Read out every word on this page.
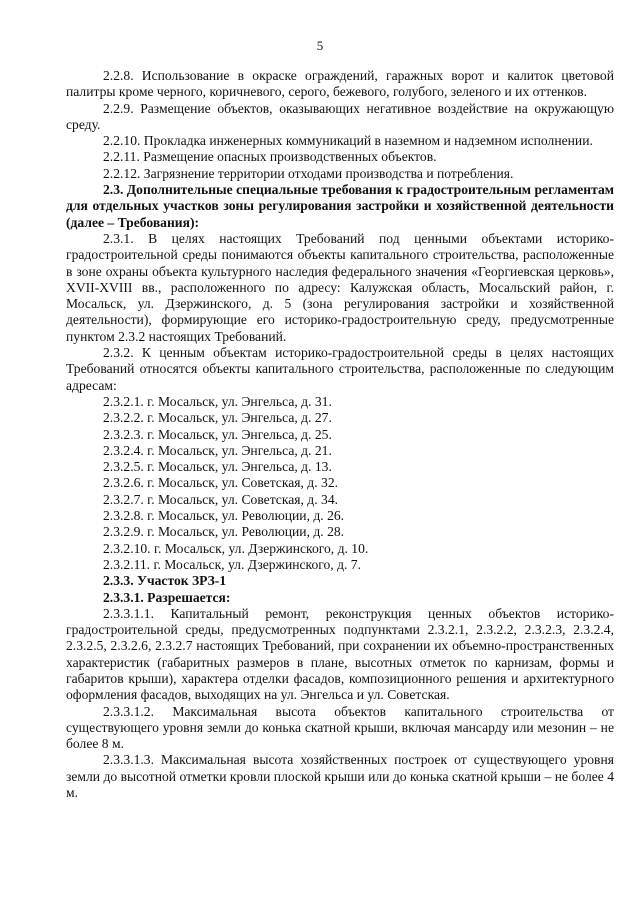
5

2.2.8. Использование в окраске ограждений, гаражных ворот и калиток цветовой палитры кроме черного, коричневого, серого, бежевого, голубого, зеленого и их оттенков.

2.2.9. Размещение объектов, оказывающих негативное воздействие на окружающую среду.

2.2.10. Прокладка инженерных коммуникаций в наземном и надземном исполнении.

2.2.11. Размещение опасных производственных объектов.

2.2.12. Загрязнение территории отходами производства и потребления.

2.3. Дополнительные специальные требования к градостроительным регламентам для отдельных участков зоны регулирования застройки и хозяйственной деятельности (далее – Требования):

2.3.1. В целях настоящих Требований под ценными объектами историко-градостроительной среды понимаются объекты капитального строительства, расположенные в зоне охраны объекта культурного наследия федерального значения «Георгиевская церковь», XVII-XVIII вв., расположенного по адресу: Калужская область, Мосальский район, г. Мосальск, ул. Дзержинского, д. 5 (зона регулирования застройки и хозяйственной деятельности), формирующие его историко-градостроительную среду, предусмотренные пунктом 2.3.2 настоящих Требований.

2.3.2. К ценным объектам историко-градостроительной среды в целях настоящих Требований относятся объекты капитального строительства, расположенные по следующим адресам:

2.3.2.1. г. Мосальск, ул. Энгельса, д. 31.

2.3.2.2. г. Мосальск, ул. Энгельса, д. 27.

2.3.2.3. г. Мосальск, ул. Энгельса, д. 25.

2.3.2.4. г. Мосальск, ул. Энгельса, д. 21.

2.3.2.5. г. Мосальск, ул. Энгельса, д. 13.

2.3.2.6. г. Мосальск, ул. Советская, д. 32.

2.3.2.7. г. Мосальск, ул. Советская, д. 34.

2.3.2.8. г. Мосальск, ул. Революции, д. 26.

2.3.2.9. г. Мосальск, ул. Революции, д. 28.

2.3.2.10. г. Мосальск, ул. Дзержинского, д. 10.

2.3.2.11. г. Мосальск, ул. Дзержинского, д. 7.

2.3.3. Участок ЗРЗ-1

2.3.3.1. Разрешается:

2.3.3.1.1. Капитальный ремонт, реконструкция ценных объектов историко-градостроительной среды, предусмотренных подпунктами 2.3.2.1, 2.3.2.2, 2.3.2.3, 2.3.2.4, 2.3.2.5, 2.3.2.6, 2.3.2.7 настоящих Требований, при сохранении их объемно-пространственных характеристик (габаритных размеров в плане, высотных отметок по карнизам, формы и габаритов крыши), характера отделки фасадов, композиционного решения и архитектурного оформления фасадов, выходящих на ул. Энгельса и ул. Советская.

2.3.3.1.2. Максимальная высота объектов капитального строительства от существующего уровня земли до конька скатной крыши, включая мансарду или мезонин – не более 8 м.

2.3.3.1.3. Максимальная высота хозяйственных построек от существующего уровня земли до высотной отметки кровли плоской крыши или до конька скатной крыши – не более 4 м.
